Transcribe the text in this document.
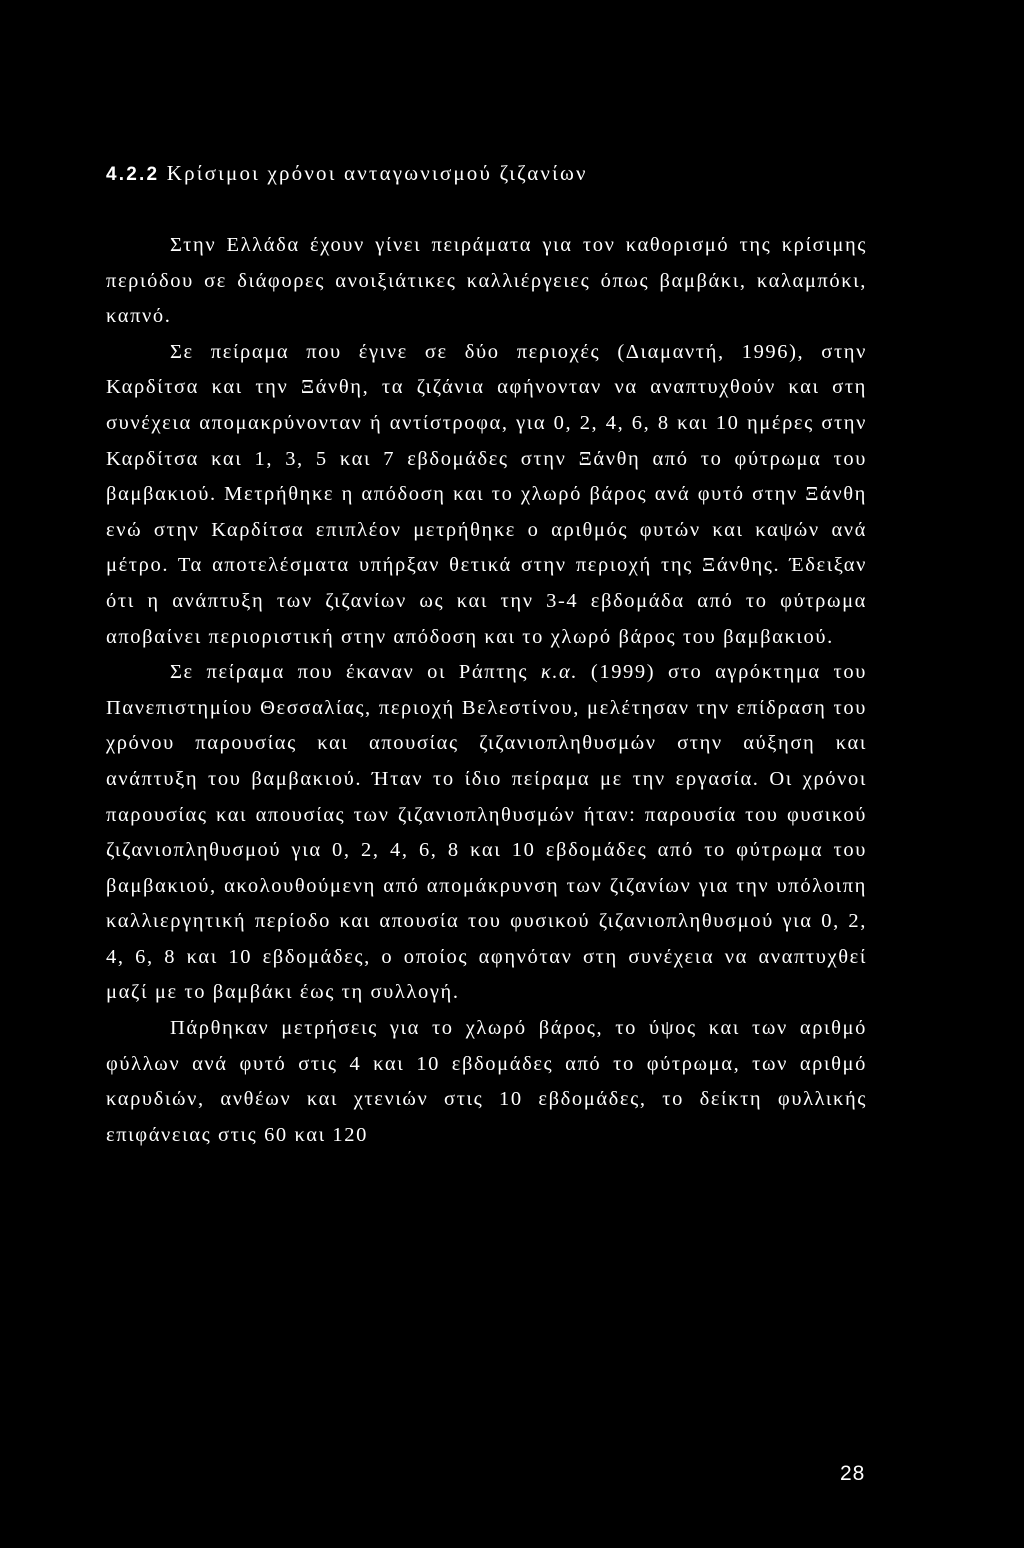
4.2.2 Κρίσιμοι χρόνοι ανταγωνισμού ζιζανίων

Στην Ελλάδα έχουν γίνει πειράματα για τον καθορισμό της κρίσιμης περιόδου σε διάφορες ανοιξιάτικες καλλιέργειες όπως βαμβάκι, καλαμπόκι, καπνό.

Σε πείραμα που έγινε σε δύο περιοχές (Διαμαντή, 1996), στην Καρδίτσα και την Ξάνθη, τα ζιζάνια αφήνονταν να αναπτυχθούν και στη συνέχεια απομακρύνονταν ή αντίστροφα, για 0, 2, 4, 6, 8 και 10 ημέρες στην Καρδίτσα και 1, 3, 5 και 7 εβδομάδες στην Ξάνθη από το φύτρωμα του βαμβακιού. Μετρήθηκε η απόδοση και το χλωρό βάρος ανά φυτό στην Ξάνθη ενώ στην Καρδίτσα επιπλέον μετρήθηκε ο αριθμός φυτών και καψών ανά μέτρο. Τα αποτελέσματα υπήρξαν θετικά στην περιοχή της Ξάνθης. Έδειξαν ότι η ανάπτυξη των ζιζανίων ως και την 3-4 εβδομάδα από το φύτρωμα αποβαίνει περιοριστική στην απόδοση και το χλωρό βάρος του βαμβακιού.

Σε πείραμα που έκαναν οι Ράπτης κ.α. (1999) στο αγρόκτημα του Πανεπιστημίου Θεσσαλίας, περιοχή Βελεστίνου, μελέτησαν την επίδραση του χρόνου παρουσίας και απουσίας ζιζανιοπληθυσμών στην αύξηση και ανάπτυξη του βαμβακιού. Ήταν το ίδιο πείραμα με την εργασία. Οι χρόνοι παρουσίας και απουσίας των ζιζανιοπληθυσμών ήταν: παρουσία του φυσικού ζιζανιοπληθυσμού για 0, 2, 4, 6, 8 και 10 εβδομάδες από το φύτρωμα του βαμβακιού, ακολουθούμενη από απομάκρυνση των ζιζανίων για την υπόλοιπη καλλιεργητική περίοδο και απουσία του φυσικού ζιζανιοπληθυσμού για 0, 2, 4, 6, 8 και 10 εβδομάδες, ο οποίος αφηνόταν στη συνέχεια να αναπτυχθεί μαζί με το βαμβάκι έως τη συλλογή.

Πάρθηκαν μετρήσεις για το χλωρό βάρος, το ύψος και των αριθμό φύλλων ανά φυτό στις 4 και 10 εβδομάδες από το φύτρωμα, των αριθμό καρυδιών, ανθέων και χτενιών στις 10 εβδομάδες, το δείκτη φυλλικής επιφάνειας στις 60 και 120

28
